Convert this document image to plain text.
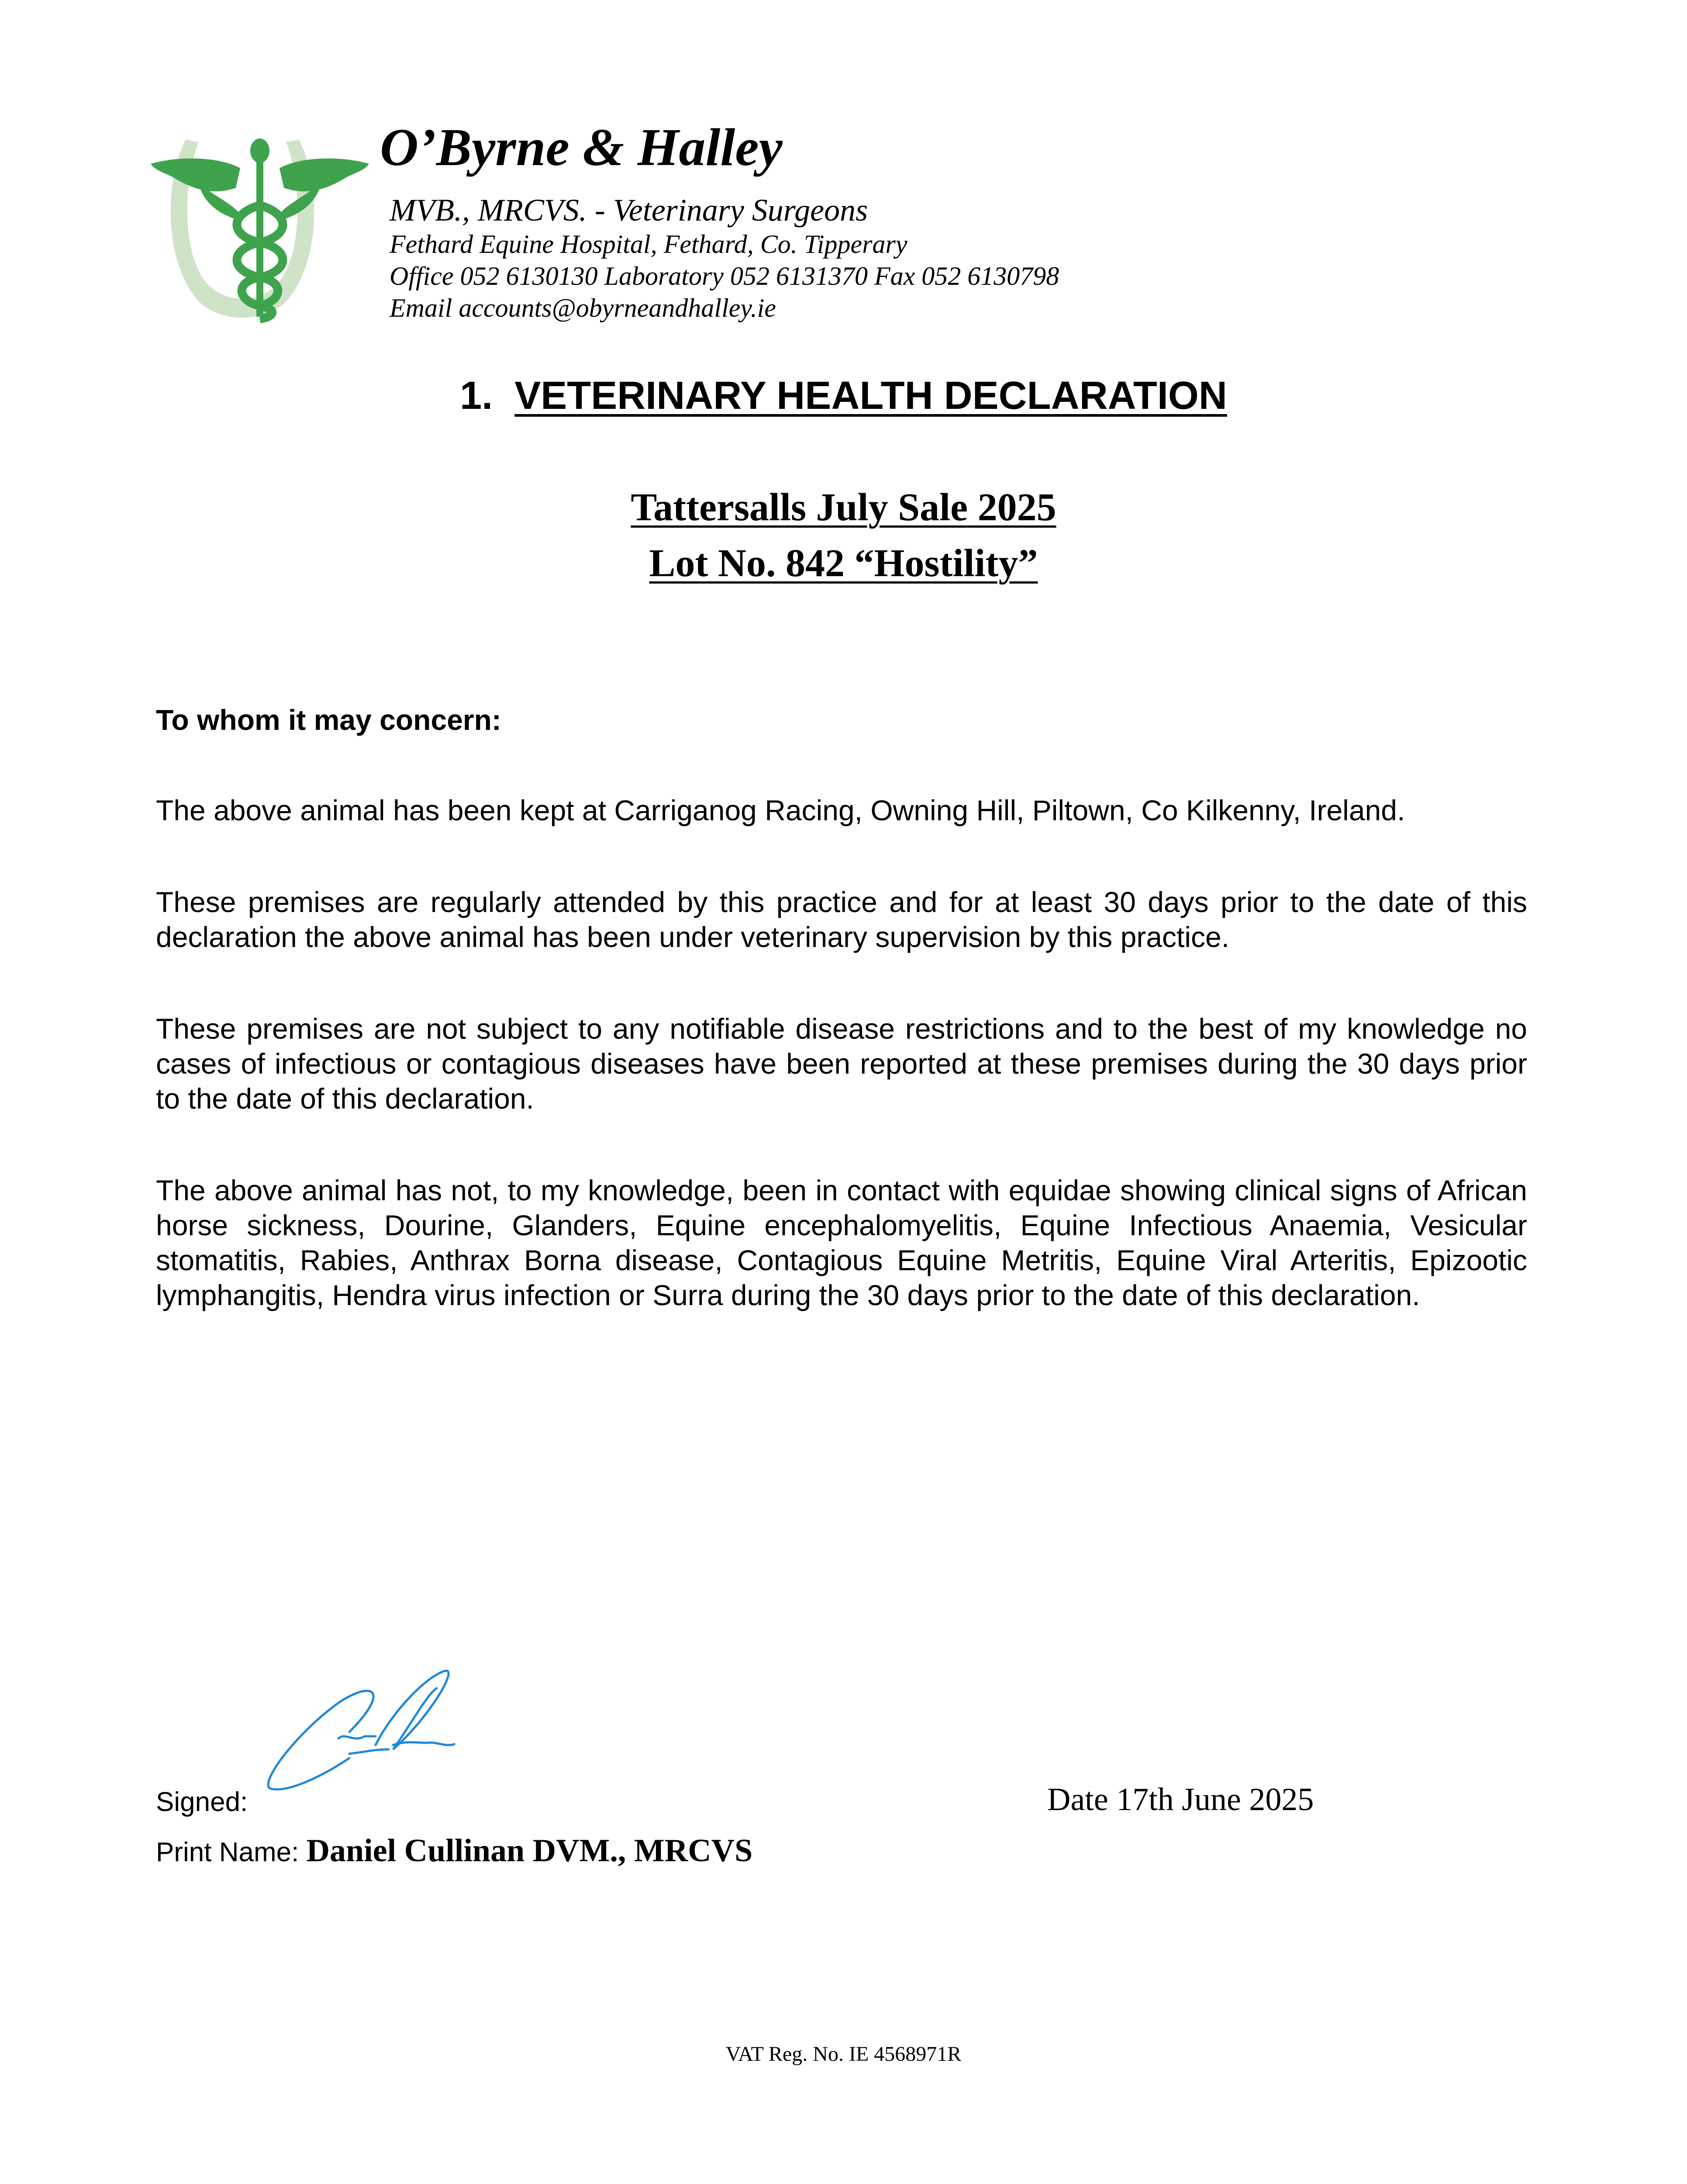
O’Byrne & Halley
MVB., MRCVS. - Veterinary Surgeons
Fethard Equine Hospital, Fethard, Co. Tipperary
Office 052 6130130 Laboratory 052 6131370 Fax 052 6130798
Email accounts@obyrneandhalley.ie
1. VETERINARY HEALTH DECLARATION
Tattersalls July Sale 2025
Lot No. 842 “Hostility”
To whom it may concern:
The above animal has been kept at Carriganog Racing, Owning Hill, Piltown, Co Kilkenny, Ireland.
These premises are regularly attended by this practice and for at least 30 days prior to the date of this declaration the above animal has been under veterinary supervision by this practice.
These premises are not subject to any notifiable disease restrictions and to the best of my knowledge no cases of infectious or contagious diseases have been reported at these premises during the 30 days prior to the date of this declaration.
The above animal has not, to my knowledge, been in contact with equidae showing clinical signs of African horse sickness, Dourine, Glanders, Equine encephalomyelitis, Equine Infectious Anaemia, Vesicular stomatitis, Rabies, Anthrax Borna disease, Contagious Equine Metritis, Equine Viral Arteritis, Epizootic lymphangitis, Hendra virus infection or Surra during the 30 days prior to the date of this declaration.
Signed:	Date 17th June 2025
Print Name: Daniel Cullinan DVM., MRCVS
VAT Reg. No. IE 4568971R
